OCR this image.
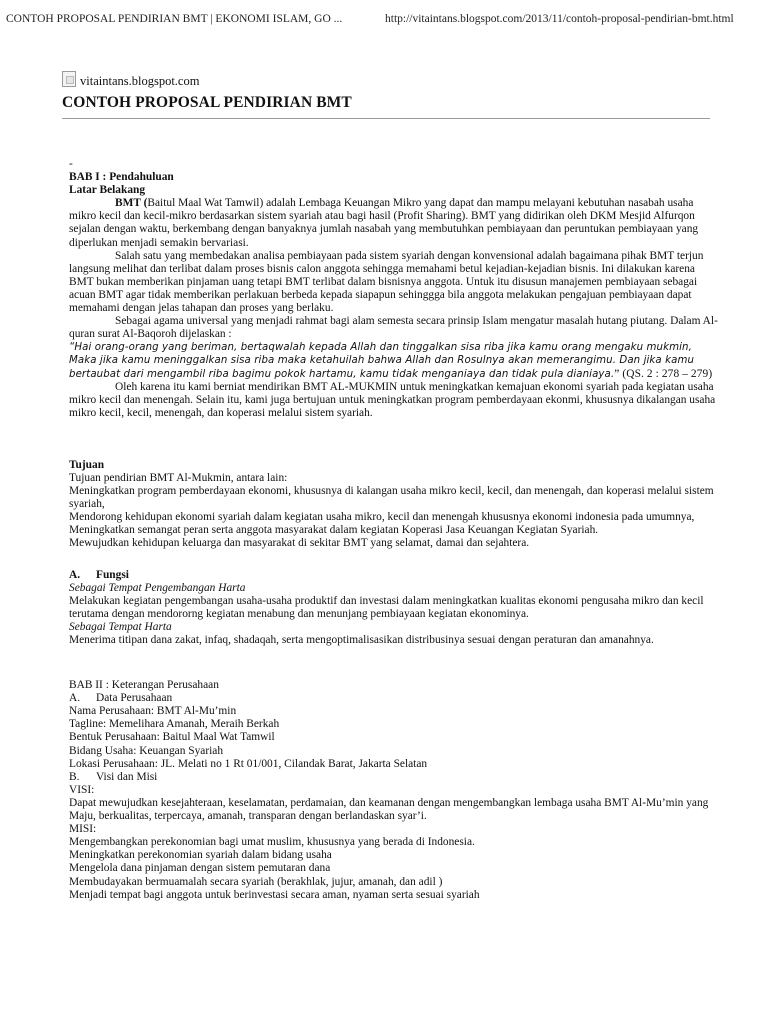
CONTOH PROPOSAL PENDIRIAN BMT | EKONOMI ISLAM, GO ...	http://vitaintans.blogspot.com/2013/11/contoh-proposal-pendirian-bmt.html
vitaintans.blogspot.com
CONTOH PROPOSAL PENDIRIAN BMT

-

BAB I : Pendahuluan

Latar Belakang

BMT (Baitul Maal Wat Tamwil) adalah Lembaga Keuangan Mikro yang dapat dan mampu melayani kebutuhan nasabah usaha mikro kecil dan kecil-mikro berdasarkan sistem syariah atau bagi hasil (Profit Sharing). BMT yang didirikan oleh DKM Mesjid Alfurqon sejalan dengan waktu, berkembang dengan banyaknya jumlah nasabah yang membutuhkan pembiayaan dan peruntukan pembiayaan yang diperlukan menjadi semakin bervariasi.

Salah satu yang membedakan analisa pembiayaan pada sistem syariah dengan konvensional adalah bagaimana pihak BMT terjun langsung melihat dan terlibat dalam proses bisnis calon anggota sehingga memahami betul kejadian-kejadian bisnis. Ini dilakukan karena BMT bukan memberikan pinjaman uang tetapi BMT terlibat dalam bisnisnya anggota. Untuk itu disusun manajemen pembiayaan sebagai acuan BMT agar tidak memberikan perlakuan berbeda kepada siapapun sehinggga bila anggota melakukan pengajuan pembiayaan dapat memahami dengan jelas tahapan dan proses yang berlaku.

Sebagai agama universal yang menjadi rahmat bagi alam semesta secara prinsip Islam mengatur masalah hutang piutang. Dalam Al-quran surat Al-Baqoroh dijelaskan :

“Hai orang-orang yang beriman, bertaqwalah kepada Allah dan tinggalkan sisa riba jika kamu orang mengaku mukmin, Maka jika kamu meninggalkan sisa riba maka ketahuilah bahwa Allah dan Rosulnya akan memerangimu. Dan jika kamu bertaubat dari mengambil riba bagimu pokok hartamu, kamu tidak menganiaya dan tidak pula dianiaya.” (QS. 2 : 278 – 279)

Oleh karena itu kami berniat mendirikan BMT AL-MUKMIN untuk meningkatkan kemajuan ekonomi syariah pada kegiatan usaha mikro kecil dan menengah. Selain itu, kami juga bertujuan untuk meningkatkan program pemberdayaan ekonmi, khususnya dikalangan usaha mikro kecil, kecil, menengah, dan koperasi melalui sistem syariah.

Tujuan

Tujuan pendirian BMT Al-Mukmin, antara lain:

Meningkatkan program pemberdayaan ekonomi, khususnya di kalangan usaha mikro kecil, kecil, dan menengah, dan koperasi melalui sistem syariah,

Mendorong kehidupan ekonomi syariah dalam kegiatan usaha mikro, kecil dan menengah khususnya ekonomi indonesia pada umumnya,

Meningkatkan semangat peran serta anggota masyarakat dalam kegiatan Koperasi Jasa Keuangan Kegiatan Syariah.

Mewujudkan kehidupan keluarga dan masyarakat di sekitar BMT yang selamat, damai dan sejahtera.

A. Fungsi

Sebagai Tempat Pengembangan Harta

Melakukan kegiatan pengembangan usaha-usaha produktif dan investasi dalam meningkatkan kualitas ekonomi pengusaha mikro dan kecil terutama dengan mendororng kegiatan menabung dan menunjang pembiayaan kegiatan ekonominya.

Sebagai Tempat Harta

Menerima titipan dana zakat, infaq, shadaqah, serta mengoptimalisasikan distribusinya sesuai dengan peraturan dan amanahnya.

BAB II : Keterangan Perusahaan

A. Data Perusahaan

Nama Perusahaan: BMT Al-Mu’min

Tagline: Memelihara Amanah, Meraih Berkah

Bentuk Perusahaan: Baitul Maal Wat Tamwil

Bidang Usaha: Keuangan Syariah

Lokasi Perusahaan: JL. Melati no 1 Rt 01/001, Cilandak Barat, Jakarta Selatan

B. Visi dan Misi

VISI:

Dapat mewujudkan kesejahteraan, keselamatan, perdamaian, dan keamanan dengan mengembangkan lembaga usaha BMT Al-Mu’min yang Maju, berkualitas, terpercaya, amanah, transparan dengan berlandaskan syar’i.

MISI:

Mengembangkan perekonomian bagi umat muslim, khususnya yang berada di Indonesia.

Meningkatkan perekonomian syariah dalam bidang usaha

Mengelola dana pinjaman dengan sistem pemutaran dana

Membudayakan bermuamalah secara syariah (berakhlak, jujur, amanah, dan adil )

Menjadi tempat bagi anggota untuk berinvestasi secara aman, nyaman serta sesuai syariah
